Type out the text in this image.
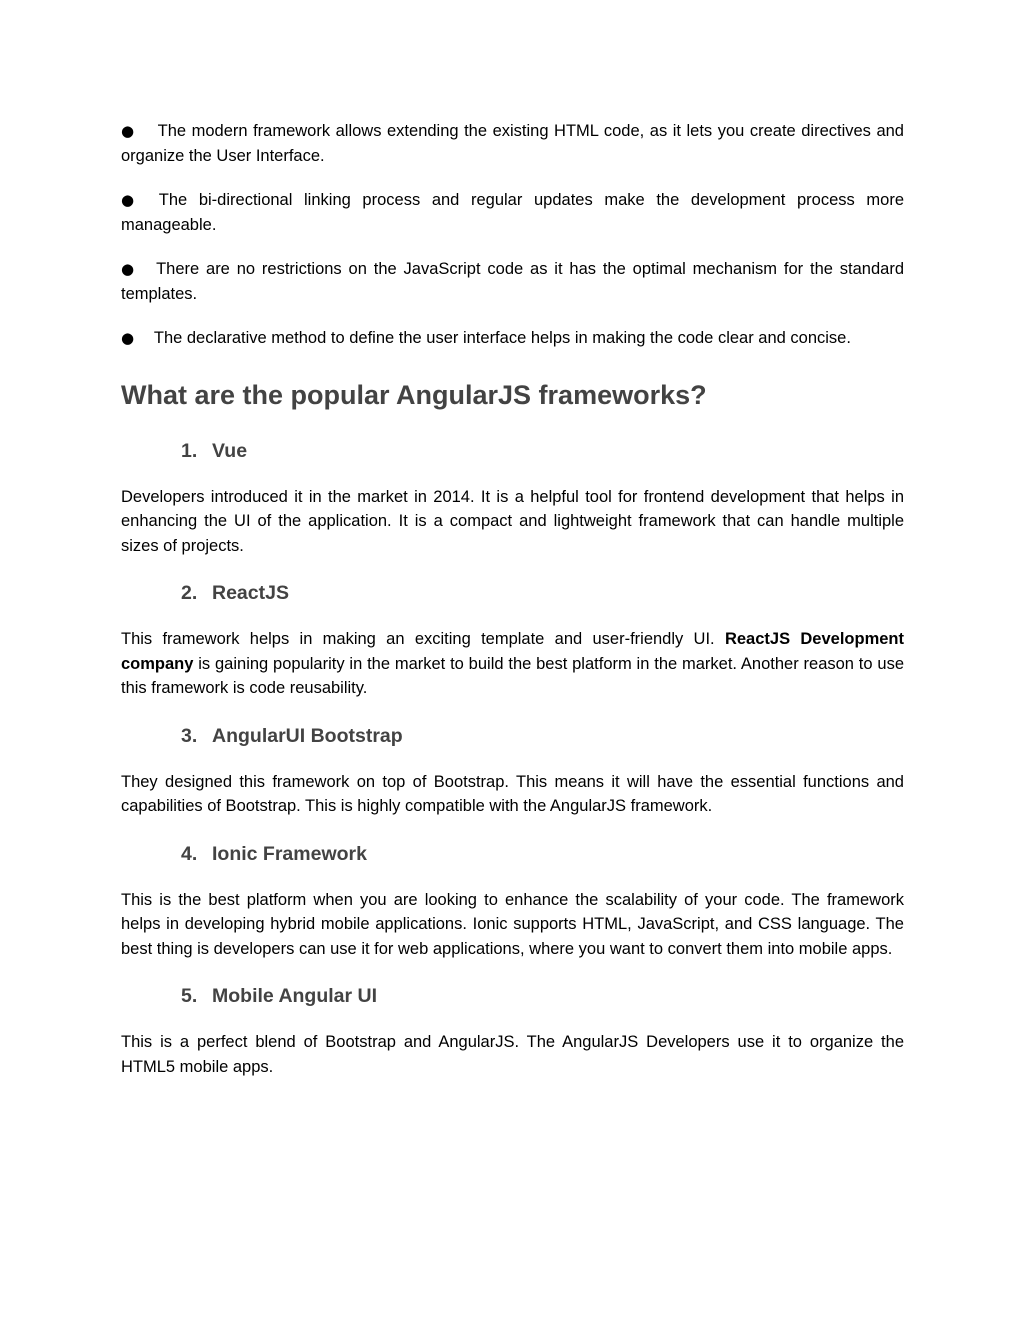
● The modern framework allows extending the existing HTML code, as it lets you create directives and organize the User Interface.

● The bi-directional linking process and regular updates make the development process more manageable.

● There are no restrictions on the JavaScript code as it has the optimal mechanism for the standard templates.

● The declarative method to define the user interface helps in making the code clear and concise.

What are the popular AngularJS frameworks?
1. Vue

Developers introduced it in the market in 2014. It is a helpful tool for frontend development that helps in enhancing the UI of the application. It is a compact and lightweight framework that can handle multiple sizes of projects.

2. ReactJS

This framework helps in making an exciting template and user-friendly UI. ReactJS Development company is gaining popularity in the market to build the best platform in the market. Another reason to use this framework is code reusability.

3. AngularUI Bootstrap

They designed this framework on top of Bootstrap. This means it will have the essential functions and capabilities of Bootstrap. This is highly compatible with the AngularJS framework.

4. Ionic Framework

This is the best platform when you are looking to enhance the scalability of your code. The framework helps in developing hybrid mobile applications. Ionic supports HTML, JavaScript, and CSS language. The best thing is developers can use it for web applications, where you want to convert them into mobile apps.

5. Mobile Angular UI

This is a perfect blend of Bootstrap and AngularJS. The AngularJS Developers use it to organize the HTML5 mobile apps.
